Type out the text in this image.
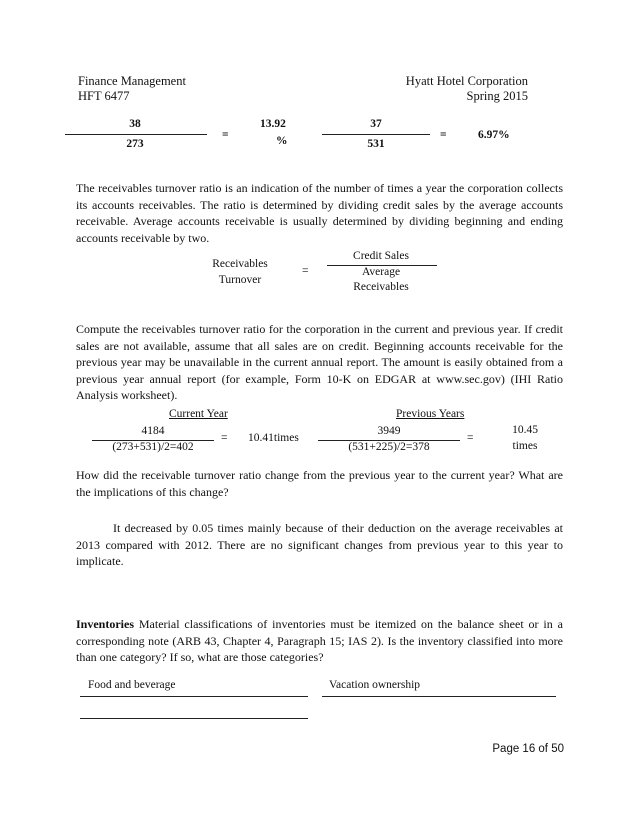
Finance Management
HFT 6477
Hyatt Hotel Corporation
Spring 2015
38
273
=
13.92
%
37
531
=	6.97%
The receivables turnover ratio is an indication of the number of times a year the corporation collects its accounts receivables. The ratio is determined by dividing credit sales by the average accounts receivable. Average accounts receivable is usually determined by dividing beginning and ending accounts receivable by two.
Receivables
Turnover
=
Credit Sales
Average
Receivables
Compute the receivables turnover ratio for the corporation in the current and previous year. If credit sales are not available, assume that all sales are on credit. Beginning accounts receivable for the previous year may be unavailable in the current annual report. The amount is easily obtained from a previous year annual report (for example, Form 10-K on EDGAR at www.sec.gov) (IHI Ratio Analysis worksheet).
Current Year
4184
(273+531)/2=402
= 10.41times
Previous Years
3949
(531+225)/2=378
=
10.45
times
How did the receivable turnover ratio change from the previous year to the current year? What are the implications of this change?
It decreased by 0.05 times mainly because of their deduction on the average receivables at 2013 compared with 2012. There are no significant changes from previous year to this year to implicate.
Inventories Material classifications of inventories must be itemized on the balance sheet or in a corresponding note (ARB 43, Chapter 4, Paragraph 15; IAS 2). Is the inventory classified into more than one category? If so, what are those categories?
Food and beverage	Vacation ownership
Page 16 of 50
